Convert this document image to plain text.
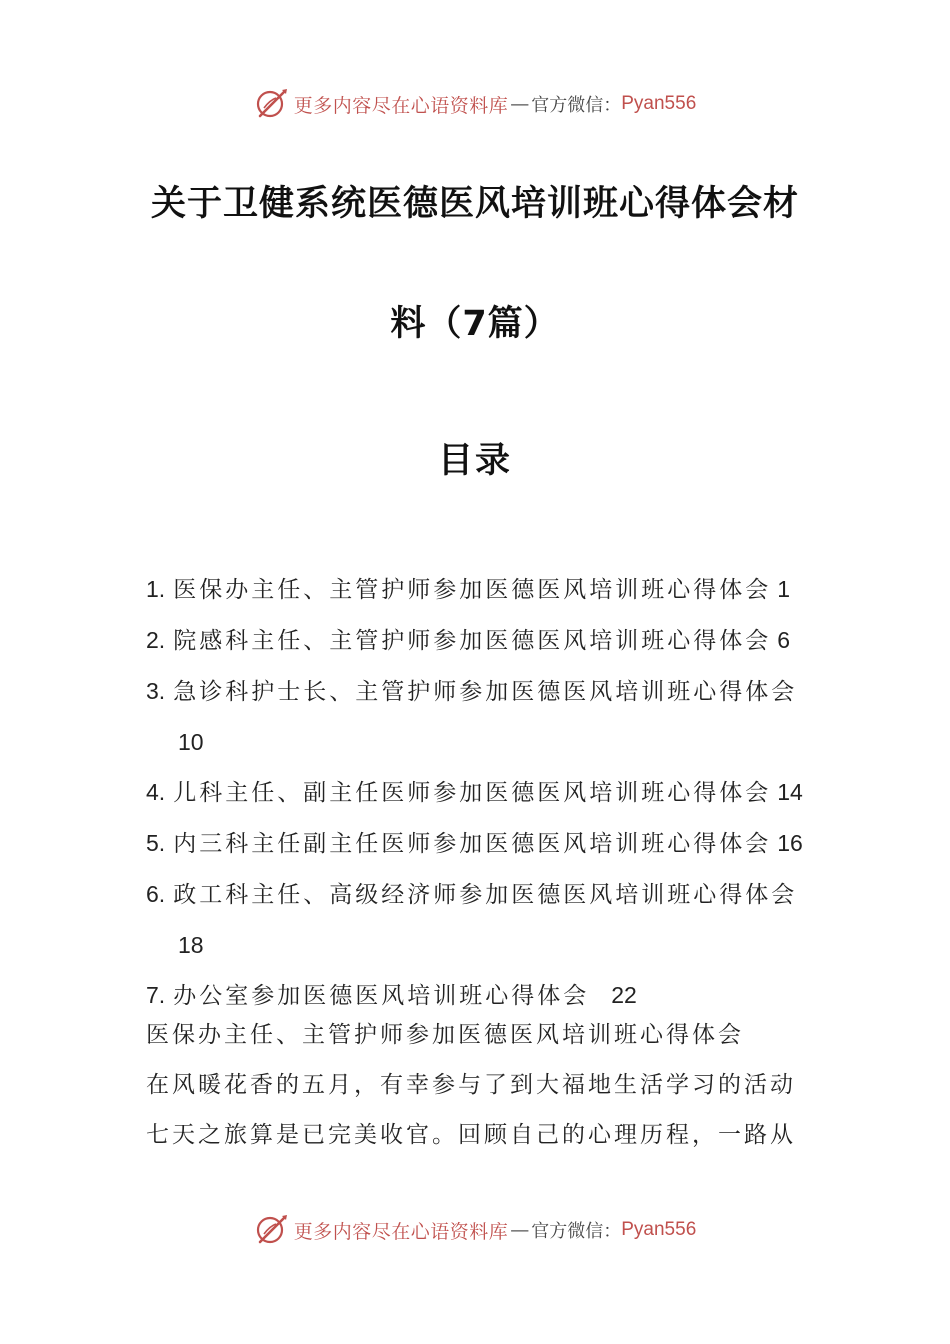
更多内容尽在心语资料库 — 官方微信： Pyan556
关于卫健系统医德医风培训班心得体会材
料（7篇）
目录
1. 医保办主任、主管护师参加医德医风培训班心得体会 1
2. 院感科主任、主管护师参加医德医风培训班心得体会 6
3. 急诊科护士长、主管护师参加医德医风培训班心得体会
10
4. 儿科主任、副主任医师参加医德医风培训班心得体会 14
5. 内三科主任副主任医师参加医德医风培训班心得体会 16
6. 政工科主任、高级经济师参加医德医风培训班心得体会
18
7. 办公室参加医德医风培训班心得体会 22

医保办主任、主管护师参加医德医风培训班心得体会

在风暖花香的五月，有幸参与了到大福地生活学习的活动

七天之旅算是已完美收官。回顾自己的心理历程，一路从

更多内容尽在心语资料库 — 官方微信： Pyan556
